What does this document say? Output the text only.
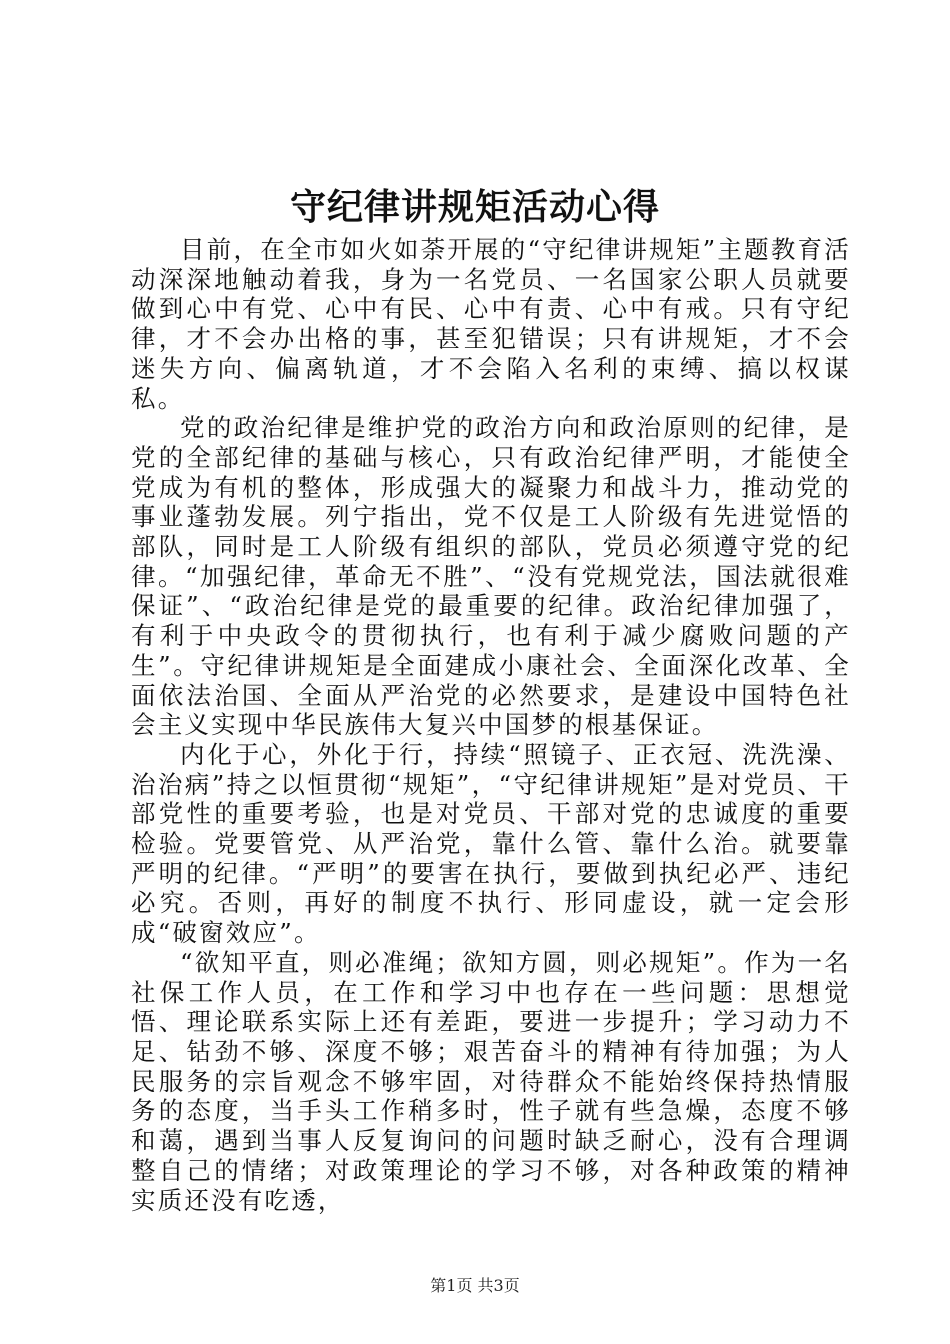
守纪律讲规矩活动心得

目前，在全市如火如荼开展的“守纪律讲规矩”主题教育活动深深地触动着我，身为一名党员、一名国家公职人员就要做到心中有党、心中有民、心中有责、心中有戒。只有守纪律，才不会办出格的事，甚至犯错误；只有讲规矩，才不会迷失方向、偏离轨道，才不会陷入名利的束缚、搞以权谋私。

党的政治纪律是维护党的政治方向和政治原则的纪律，是党的全部纪律的基础与核心，只有政治纪律严明，才能使全党成为有机的整体，形成强大的凝聚力和战斗力，推动党的事业蓬勃发展。列宁指出，党不仅是工人阶级有先进觉悟的部队，同时是工人阶级有组织的部队，党员必须遵守党的纪律。“加强纪律，革命无不胜”、“没有党规党法，国法就很难保证”、“政治纪律是党的最重要的纪律。政治纪律加强了，有利于中央政令的贯彻执行，也有利于减少腐败问题的产生”。守纪律讲规矩是全面建成小康社会、全面深化改革、全面依法治国、全面从严治党的必然要求，是建设中国特色社会主义实现中华民族伟大复兴中国梦的根基保证。

内化于心，外化于行，持续“照镜子、正衣冠、洗洗澡、治治病”持之以恒贯彻“规矩”，“守纪律讲规矩”是对党员、干部党性的重要考验，也是对党员、干部对党的忠诚度的重要检验。党要管党、从严治党，靠什么管、靠什么治。就要靠严明的纪律。“严明”的要害在执行，要做到执纪必严、违纪必究。否则，再好的制度不执行、形同虚设，就一定会形成“破窗效应”。

“欲知平直，则必准绳；欲知方圆，则必规矩”。作为一名社保工作人员，在工作和学习中也存在一些问题：思想觉悟、理论联系实际上还有差距，要进一步提升；学习动力不足、钻劲不够、深度不够；艰苦奋斗的精神有待加强；为人民服务的宗旨观念不够牢固，对待群众不能始终保持热情服务的态度，当手头工作稍多时，性子就有些急燥，态度不够和蔼，遇到当事人反复询问的问题时缺乏耐心，没有合理调整自己的情绪；对政策理论的学习不够，对各种政策的精神实质还没有吃透，

第1页 共3页
